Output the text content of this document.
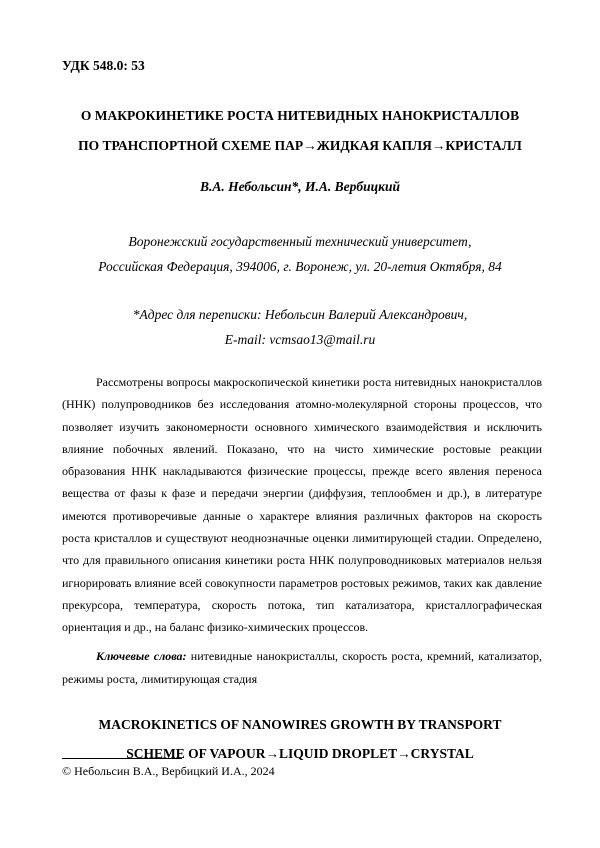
УДК 548.0: 53
О МАКРОКИНЕТИКЕ РОСТА НИТЕВИДНЫХ НАНОКРИСТАЛЛОВ
ПО ТРАНСПОРТНОЙ СХЕМЕ ПАР→ЖИДКАЯ КАПЛЯ→КРИСТАЛЛ
В.А. Небольсин*, И.А. Вербицкий
Воронежский государственный технический университет,
Российская Федерация, 394006, г. Воронеж, ул. 20-летия Октября, 84
*Адрес для переписки: Небольсин Валерий Александрович,
E-mail: vcmsao13@mail.ru

Рассмотрены вопросы макроскопической кинетики роста нитевидных нанокристаллов (ННК) полупроводников без исследования атомно-молекулярной стороны процессов, что позволяет изучить закономерности основного химического взаимодействия и исключить влияние побочных явлений. Показано, что на чисто химические ростовые реакции образования ННК накладываются физические процессы, прежде всего явления переноса вещества от фазы к фазе и передачи энергии (диффузия, теплообмен и др.), в литературе имеются противоречивые данные о характере влияния различных факторов на скорость роста кристаллов и существуют неоднозначные оценки лимитирующей стадии. Определено, что для правильного описания кинетики роста ННК полупроводниковых материалов нельзя игнорировать влияние всей совокупности параметров ростовых режимов, таких как давление прекурсора, температура, скорость потока, тип катализатора, кристаллографическая ориентация и др., на баланс физико-химических процессов.

Ключевые слова: нитевидные нанокристаллы, скорость роста, кремний, катализатор, режимы роста, лимитирующая стадия
MACROKINETICS OF NANOWIRES GROWTH BY TRANSPORT
SCHEME OF VAPOUR→LIQUID DROPLET→CRYSTAL
© Небольсин В.А., Вербицкий И.А., 2024
